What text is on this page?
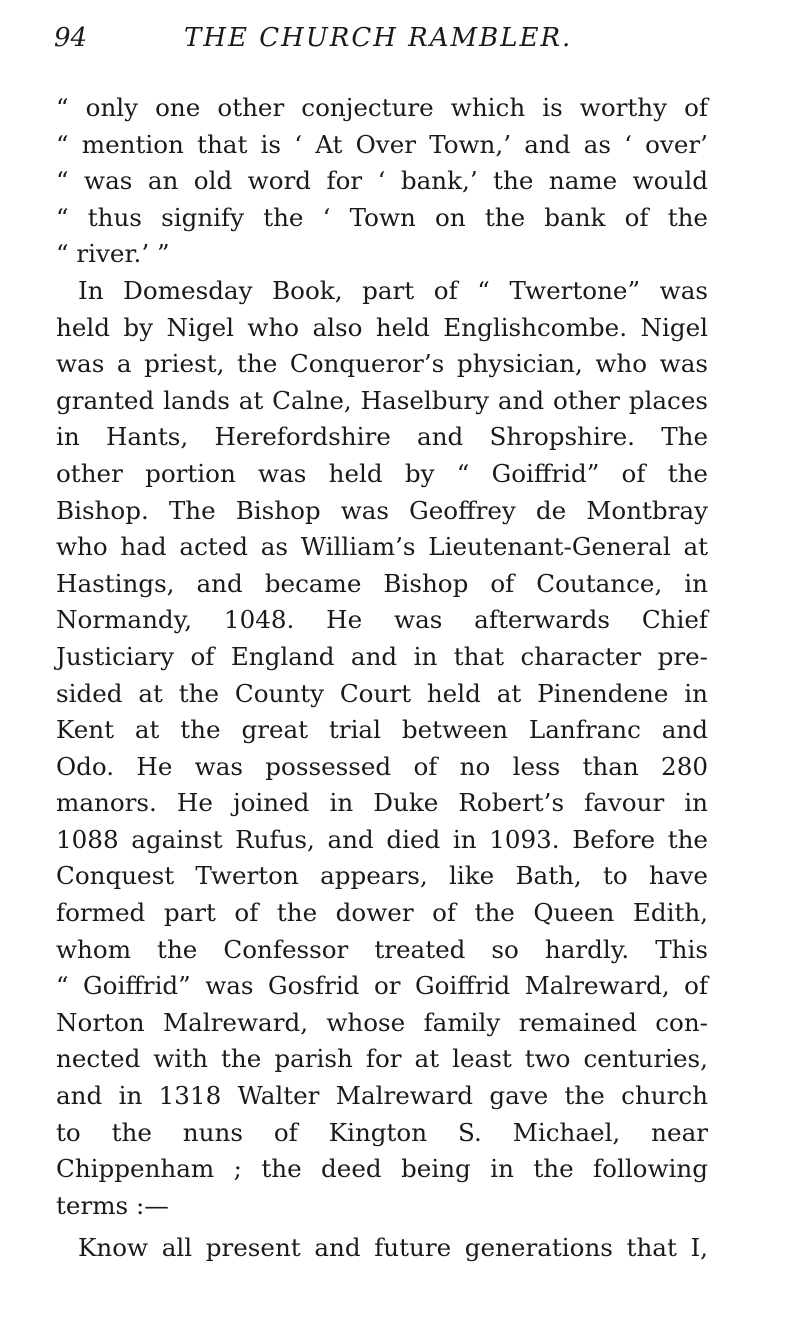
94	THE CHURCH RAMBLER.
“ only one other conjecture which is worthy of
“ mention that is ‘ At Over Town,’ and as ‘ over’
“ was an old word for ‘ bank,’ the name would
“ thus signify the ‘ Town on the bank of the
“ river.’ ”
In Domesday Book, part of “ Twertone” was
held by Nigel who also held Englishcombe. Nigel
was a priest, the Conqueror’s physician, who was
granted lands at Calne, Haselbury and other places
in Hants, Herefordshire and Shropshire. The
other portion was held by “ Goiffrid” of the
Bishop. The Bishop was Geoffrey de Montbray
who had acted as William’s Lieutenant-General at
Hastings, and became Bishop of Coutance, in
Normandy, 1048. He was afterwards Chief
Justiciary of England and in that character pre-
sided at the County Court held at Pinendene in
Kent at the great trial between Lanfranc and
Odo. He was possessed of no less than 280
manors. He joined in Duke Robert’s favour in
1088 against Rufus, and died in 1093. Before the
Conquest Twerton appears, like Bath, to have
formed part of the dower of the Queen Edith,
whom the Confessor treated so hardly. This
“ Goiffrid” was Gosfrid or Goiffrid Malreward, of
Norton Malreward, whose family remained con-
nected with the parish for at least two centuries,
and in 1318 Walter Malreward gave the church
to the nuns of Kington S. Michael, near
Chippenham ; the deed being in the following
terms :—
Know all present and future generations that I,
